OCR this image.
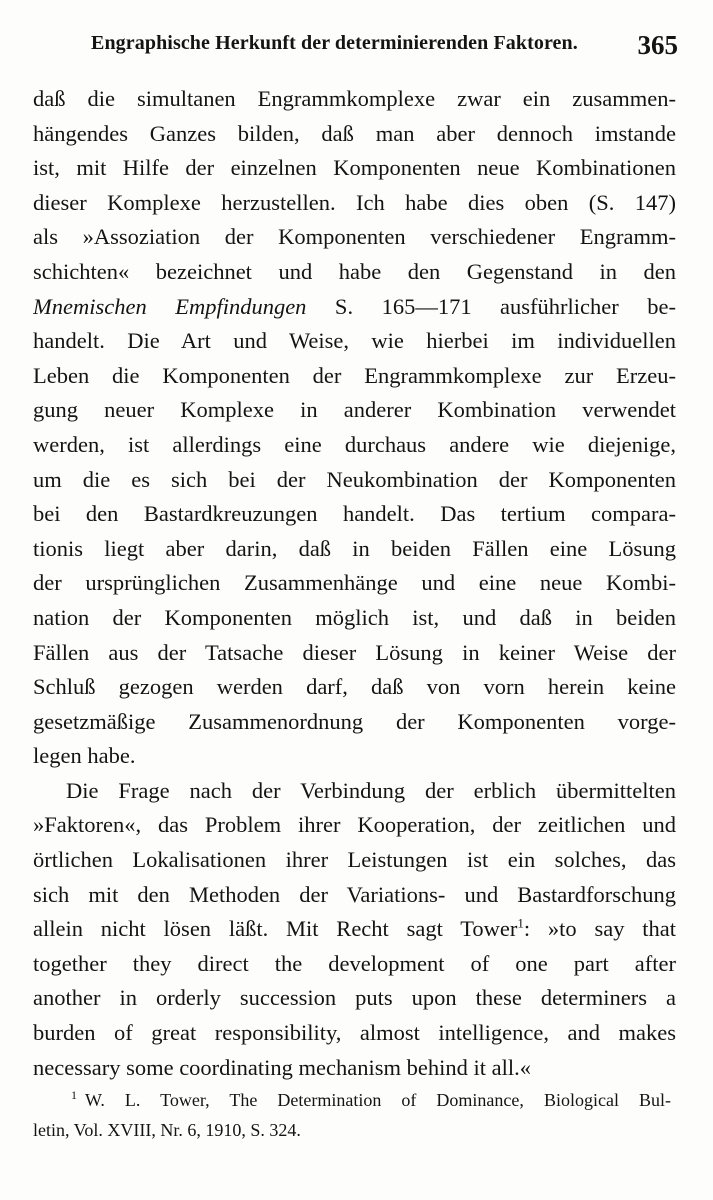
Engraphische Herkunft der determinierenden Faktoren. 365
daß die simultanen Engrammkomplexe zwar ein zusammen-
hängendes Ganzes bilden, daß man aber dennoch imstande
ist, mit Hilfe der einzelnen Komponenten neue Kombinationen
dieser Komplexe herzustellen. Ich habe dies oben (S. 147)
als »Assoziation der Komponenten verschiedener Engramm-
schichten« bezeichnet und habe den Gegenstand in den
Mnemischen Empfindungen S. 165—171 ausführlicher be-
handelt. Die Art und Weise, wie hierbei im individuellen
Leben die Komponenten der Engrammkomplexe zur Erzeu-
gung neuer Komplexe in anderer Kombination verwendet
werden, ist allerdings eine durchaus andere wie diejenige,
um die es sich bei der Neukombination der Komponenten
bei den Bastardkreuzungen handelt. Das tertium compara-
tionis liegt aber darin, daß in beiden Fällen eine Lösung
der ursprünglichen Zusammenhänge und eine neue Kombi-
nation der Komponenten möglich ist, und daß in beiden
Fällen aus der Tatsache dieser Lösung in keiner Weise der
Schluß gezogen werden darf, daß von vorn herein keine
gesetzmäßige Zusammenordnung der Komponenten vorge-
legen habe.
Die Frage nach der Verbindung der erblich übermittelten
»Faktoren«, das Problem ihrer Kooperation, der zeitlichen und
örtlichen Lokalisationen ihrer Leistungen ist ein solches, das
sich mit den Methoden der Variations- und Bastardforschung
allein nicht lösen läßt. Mit Recht sagt Tower$^1$: »to say that
together they direct the development of one part after
another in orderly succession puts upon these determiners a
burden of great responsibility, almost intelligence, and makes
necessary some coordinating mechanism behind it all.«
$^1$ W. L. Tower, The Determination of Dominance, Biological Bul-
letin, Vol. XVIII, Nr. 6, 1910, S. 324.
